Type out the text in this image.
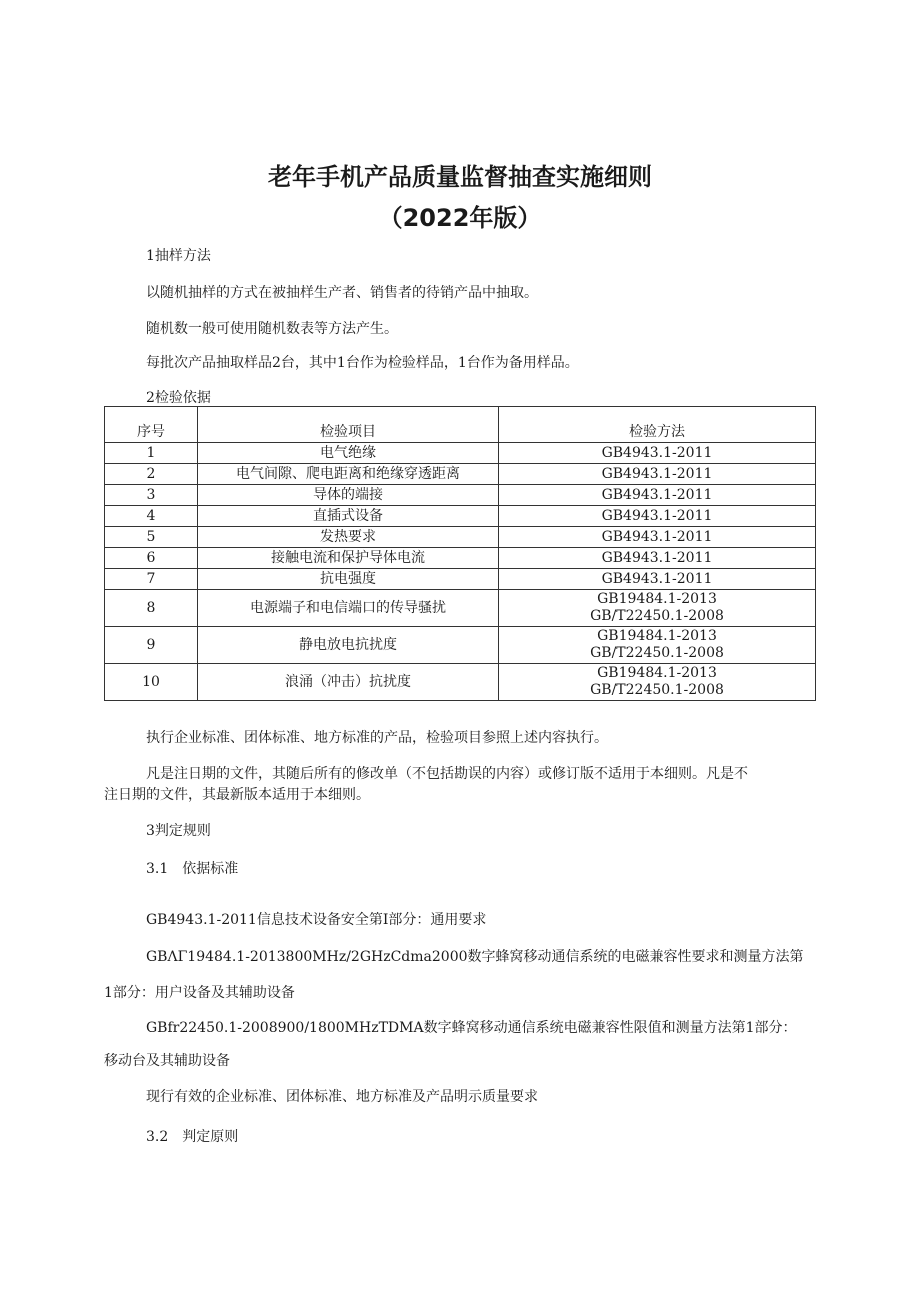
老年手机产品质量监督抽查实施细则
（2022年版）
1抽样方法
以随机抽样的方式在被抽样生产者、销售者的待销产品中抽取。
随机数一般可使用随机数表等方法产生。
每批次产品抽取样品2台，其中1台作为检验样品，1台作为备用样品。
2检验依据
序号	检验项目	检验方法
1	电气绝缘	GB4943.1-2011
2	电气间隙、爬电距离和绝缘穿透距离	GB4943.1-2011
3	导体的端接	GB4943.1-2011
4	直插式设备	GB4943.1-2011
5	发热要求	GB4943.1-2011
6	接触电流和保护导体电流	GB4943.1-2011
7	抗电强度	GB4943.1-2011
8	电源端子和电信端口的传导骚扰	GB19484.1-2013
GB/T22450.1-2008

9	静电放电抗扰度	GB19484.1-2013
GB/T22450.1-2008

10	浪涌（冲击）抗扰度	GB19484.1-2013
GB/T22450.1-2008
执行企业标准、团体标准、地方标准的产品，检验项目参照上述内容执行。
凡是注日期的文件，其随后所有的修改单（不包括勘误的内容）或修订版不适用于本细则。凡是不
注日期的文件，其最新版本适用于本细则。
3判定规则
3.1　依据标准
GB4943.1-2011信息技术设备安全第I部分：通用要求
GBΛΓ19484.1-2013800MHz/2GHzCdma2000数字蜂窝移动通信系统的电磁兼容性要求和测量方法第
1部分：用户设备及其辅助设备
GBfr22450.1-2008900/1800MHzTDMA数字蜂窝移动通信系统电磁兼容性限值和测量方法第1部分：
移动台及其辅助设备
现行有效的企业标准、团体标准、地方标准及产品明示质量要求
3.2　判定原则
